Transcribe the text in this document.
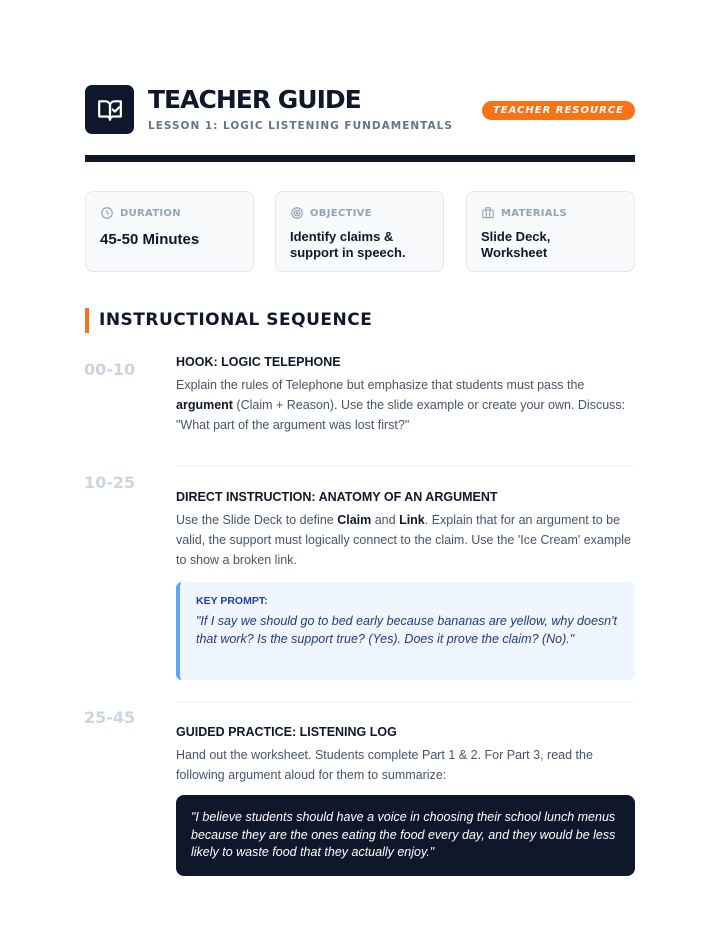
TEACHER GUIDE
LESSON 1: LOGIC LISTENING FUNDAMENTALS
TEACHER RESOURCE
DURATION
45-50 Minutes
OBJECTIVE
Identify claims & support in speech.
MATERIALS
Slide Deck, Worksheet
INSTRUCTIONAL SEQUENCE
00-10	HOOK: LOGIC TELEPHONE
Explain the rules of Telephone but emphasize that students must pass the argument (Claim + Reason). Use the slide example or create your own. Discuss: "What part of the argument was lost first?"
10-25
DIRECT INSTRUCTION: ANATOMY OF AN ARGUMENT
Use the Slide Deck to define Claim and Link. Explain that for an argument to be valid, the support must logically connect to the claim. Use the 'Ice Cream' example to show a broken link.
KEY PROMPT:
"If I say we should go to bed early because bananas are yellow, why doesn't that work? Is the support true? (Yes). Does it prove the claim? (No)."
25-45
GUIDED PRACTICE: LISTENING LOG
Hand out the worksheet. Students complete Part 1 & 2. For Part 3, read the following argument aloud for them to summarize:
"I believe students should have a voice in choosing their school lunch menus because they are the ones eating the food every day, and they would be less likely to waste food that they actually enjoy."
